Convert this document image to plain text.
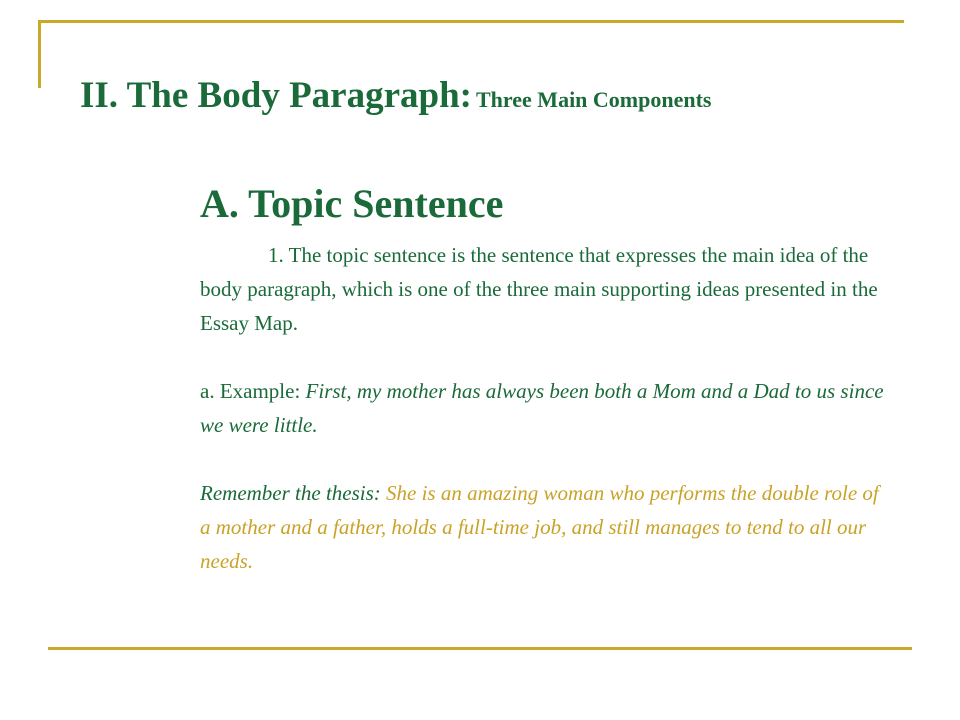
II. The Body Paragraph: Three Main Components
A. Topic Sentence

1. The topic sentence is the sentence that expresses the main idea of the body paragraph, which is one of the three main supporting ideas presented in the Essay Map.

a. Example: First, my mother has always been both a Mom and a Dad to us since we were little.

Remember the thesis: She is an amazing woman who performs the double role of a mother and a father, holds a full-time job, and still manages to tend to all our needs.
